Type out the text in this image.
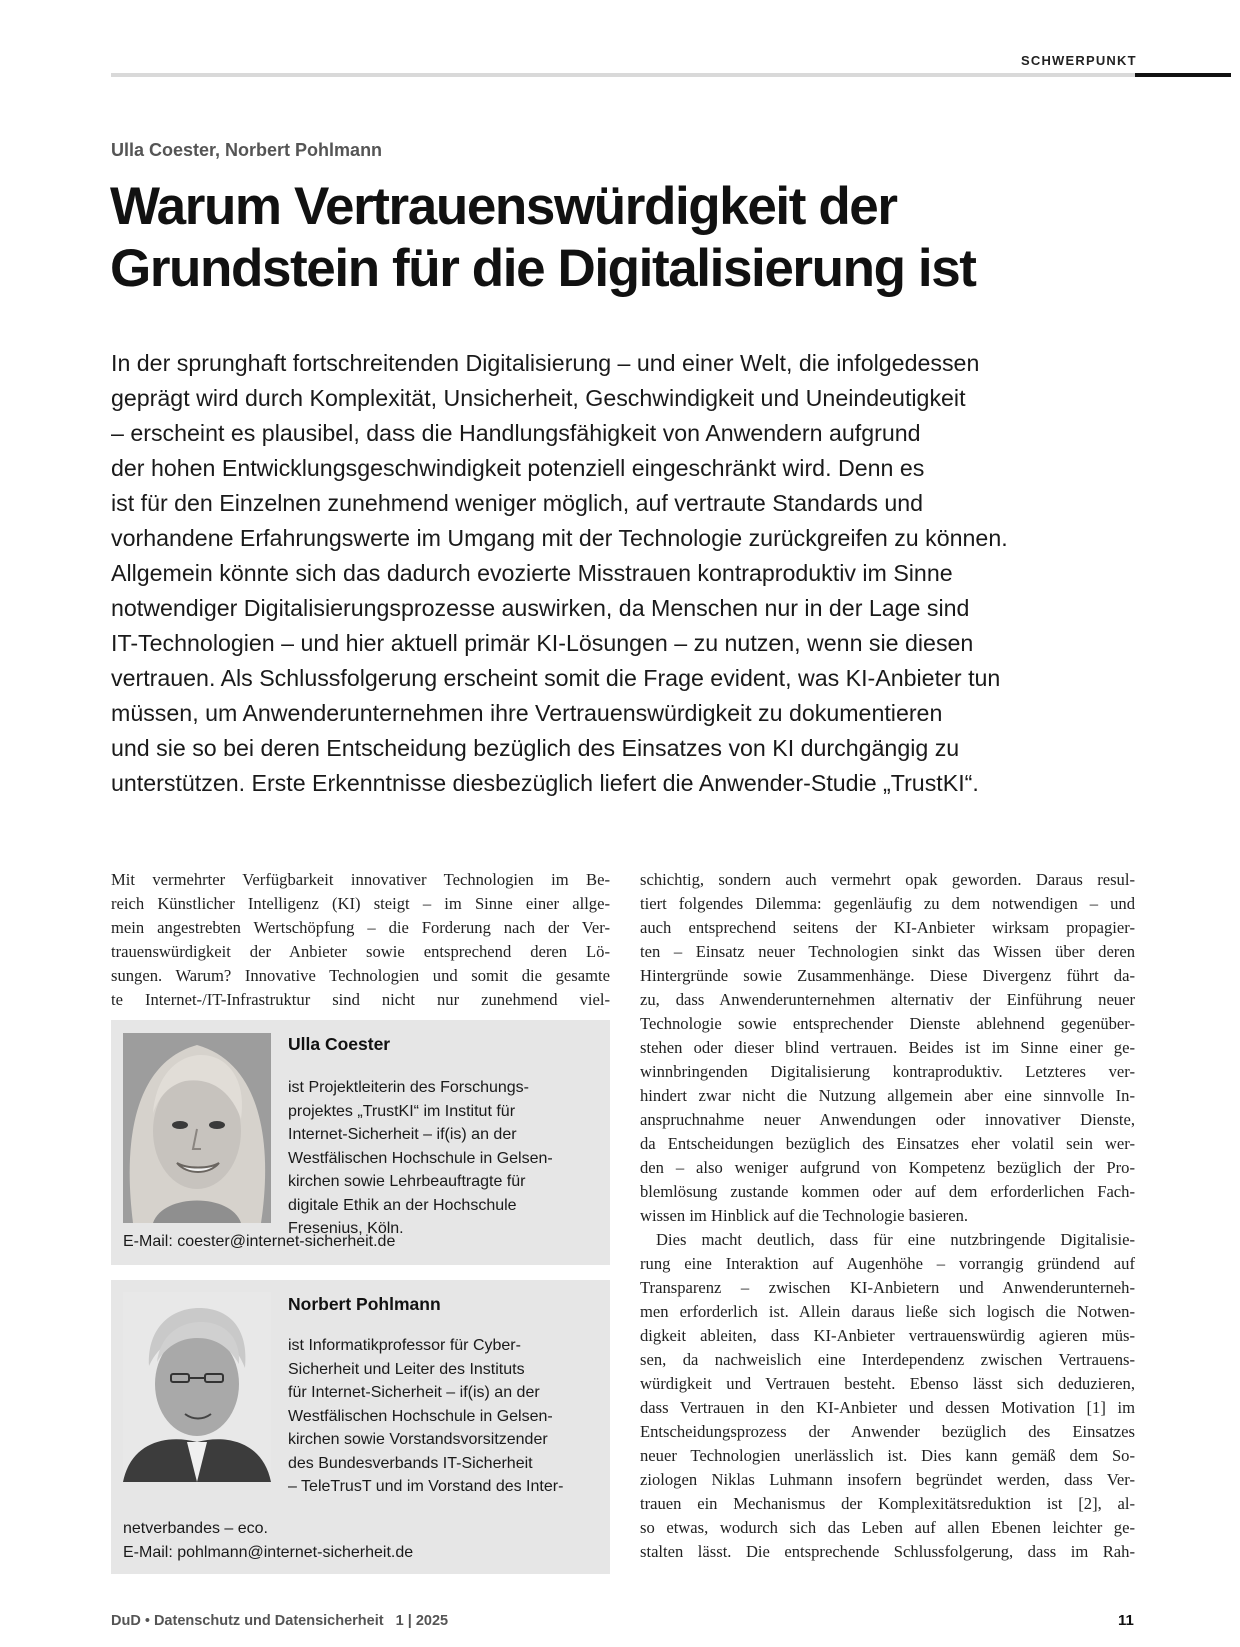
SCHWERPUNKT
Ulla Coester, Norbert Pohlmann
Warum Vertrauenswürdigkeit der
Grundstein für die Digitalisierung ist
In der sprunghaft fortschreitenden Digitalisierung – und einer Welt, die infolgedessen
geprägt wird durch Komplexität, Unsicherheit, Geschwindigkeit und Uneindeutigkeit
– erscheint es plausibel, dass die Handlungsfähigkeit von Anwendern aufgrund
der hohen Entwicklungsgeschwindigkeit potenziell eingeschränkt wird. Denn es
ist für den Einzelnen zunehmend weniger möglich, auf vertraute Standards und
vorhandene Erfahrungswerte im Umgang mit der Technologie zurückgreifen zu können.
Allgemein könnte sich das dadurch evozierte Misstrauen kontraproduktiv im Sinne
notwendiger Digitalisierungsprozesse auswirken, da Menschen nur in der Lage sind
IT-Technologien – und hier aktuell primär KI-Lösungen – zu nutzen, wenn sie diesen
vertrauen. Als Schlussfolgerung erscheint somit die Frage evident, was KI-Anbieter tun
müssen, um Anwenderunternehmen ihre Vertrauenswürdigkeit zu dokumentieren
und sie so bei deren Entscheidung bezüglich des Einsatzes von KI durchgängig zu
unterstützen. Erste Erkenntnisse diesbezüglich liefert die Anwender-Studie „TrustKI“.
Mit vermehrter Verfügbarkeit innovativer Technologien im Be-
reich Künstlicher Intelligenz (KI) steigt – im Sinne einer allge-
mein angestrebten Wertschöpfung – die Forderung nach der Ver-
trauenswürdigkeit der Anbieter sowie entsprechend deren Lö-
sungen. Warum? Innovative Technologien und somit die gesamte
te Internet-/IT-Infrastruktur sind nicht nur zunehmend viel-
Ulla Coester
ist Projektleiterin des Forschungs-
projektes „TrustKI“ im Institut für
Internet-Sicherheit – if(is) an der
Westfälischen Hochschule in Gelsen-
kirchen sowie Lehrbeauftragte für
digitale Ethik an der Hochschule
Fresenius, Köln.
E-Mail: coester@internet-sicherheit.de
Norbert Pohlmann
ist Informatikprofessor für Cyber-
Sicherheit und Leiter des Instituts
für Internet-Sicherheit – if(is) an der
Westfälischen Hochschule in Gelsen-
kirchen sowie Vorstandsvorsitzender
des Bundesverbands IT-Sicherheit
– TeleTrusT und im Vorstand des Inter-
netverbandes – eco.
E-Mail: pohlmann@internet-sicherheit.de
schichtig, sondern auch vermehrt opak geworden. Daraus resul-
tiert folgendes Dilemma: gegenläufig zu dem notwendigen – und
auch entsprechend seitens der KI-Anbieter wirksam propagier-
ten – Einsatz neuer Technologien sinkt das Wissen über deren
Hintergründe sowie Zusammenhänge. Diese Divergenz führt da-
zu, dass Anwenderunternehmen alternativ der Einführung neuer
Technologie sowie entsprechender Dienste ablehnend gegenüber-
stehen oder dieser blind vertrauen. Beides ist im Sinne einer ge-
winnbringenden Digitalisierung kontraproduktiv. Letzteres ver-
hindert zwar nicht die Nutzung allgemein aber eine sinnvolle In-
anspruchnahme neuer Anwendungen oder innovativer Dienste,
da Entscheidungen bezüglich des Einsatzes eher volatil sein wer-
den – also weniger aufgrund von Kompetenz bezüglich der Pro-
blemlösung zustande kommen oder auf dem erforderlichen Fach-
wissen im Hinblick auf die Technologie basieren.
Dies macht deutlich, dass für eine nutzbringende Digitalisie-
rung eine Interaktion auf Augenhöhe – vorrangig gründend auf
Transparenz – zwischen KI-Anbietern und Anwenderunterneh-
men erforderlich ist. Allein daraus ließe sich logisch die Notwen-
digkeit ableiten, dass KI-Anbieter vertrauenswürdig agieren müs-
sen, da nachweislich eine Interdependenz zwischen Vertrauens-
würdigkeit und Vertrauen besteht. Ebenso lässt sich deduzieren,
dass Vertrauen in den KI-Anbieter und dessen Motivation [1] im
Entscheidungsprozess der Anwender bezüglich des Einsatzes
neuer Technologien unerlässlich ist. Dies kann gemäß dem So-
ziologen Niklas Luhmann insofern begründet werden, dass Ver-
trauen ein Mechanismus der Komplexitätsreduktion ist [2], al-
so etwas, wodurch sich das Leben auf allen Ebenen leichter ge-
stalten lässt. Die entsprechende Schlussfolgerung, dass im Rah-
DuD • Datenschutz und Datensicherheit 1 | 2025	11
